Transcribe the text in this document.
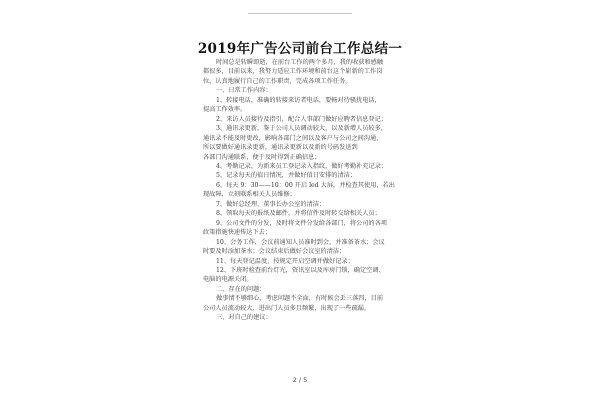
2019年广告公司前台工作总结一

时间总是转瞬即逝，在前台工作的两个多月，我的收获和感触

都很多，目前以来，我努力适应工作环境和前台这个崭新的工作岗

位，认真地履行自己的工作职责，完成各项工作任务。

一、日常工作内容：

1、转接电话，准确的转接来访者电话，要畅对待骚扰电话，

提高工作效率。

2、来访人员接待及指引，配合人事部门做好应聘者信息登记；

3、通讯录更新，鉴于公司人员调动较大，以及新增人员较多，

通讯录不能及时更改，影响各部门之间以及客户与公司之间沟通，

所以要做好通讯录更新，通讯录更新以及新的号码发送到

各部门沟通联系，便于及时得到正确信息；

4、考勤记录，为新来员工登记录入指纹，做好考勤补充记录；

5、记录每天的值日情况，并做好值日安排的清洁；

6、每天 9：30——10：00 开启 led 大屏，并检查其使用，若出

现故障，立刻联系相关人员维修；

7、做好总经理、董事长办公室的清洁；

8、领取每天的报纸及邮件，并将信件及时转交给相关人员；

9、公司文件的分发，及时将文件分发给各部门，将公司的各项

政策措施快速传达下去；

10、会务工作，会议前通知人员准时到会，并准备茶水；会议

时要及时添加茶水；会议结束后做好会议室的清洁；

11、每天登记温度，按规定开启空调并做好记录；

12、下班时检查前台灯光，资讯室以及库房门锁，确定空调、

电脑的电源关闭。

二、存在的问题：

做事情不够细心，考虑问题不全面，有时候会丢三落四，目前

公司人员流动较大，进出门人员多且频繁，出现了一些疏漏。

三、对自己的建议：

2 / 5
